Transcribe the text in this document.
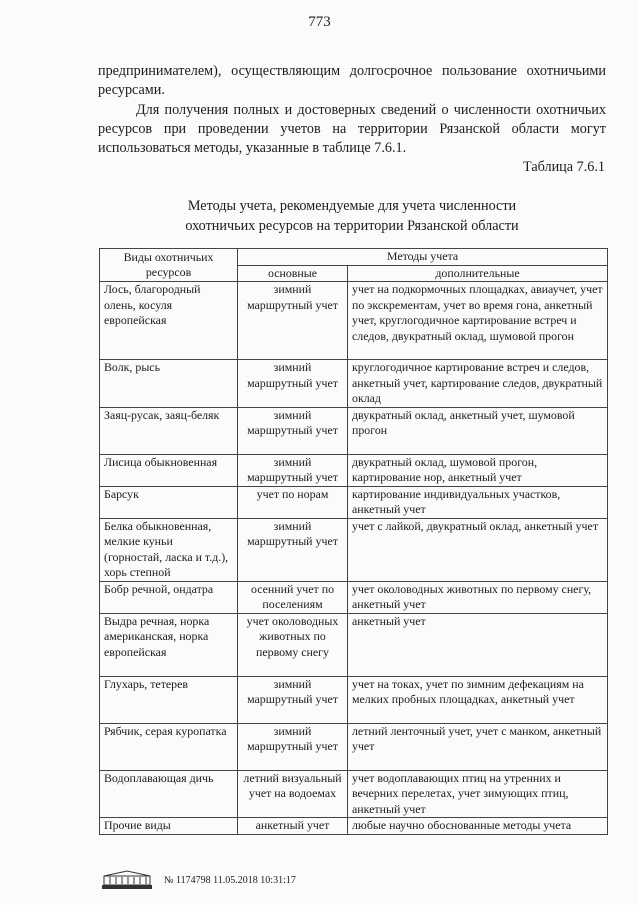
773
предпринимателем), осуществляющим долгосрочное пользование охотничьими ресурсами.
Для получения полных и достоверных сведений о численности охотничьих ресурсов при проведении учетов на территории Рязанской области могут использоваться методы, указанные в таблице 7.6.1.
Таблица 7.6.1
Методы учета, рекомендуемые для учета численности
охотничьих ресурсов на территории Рязанской области
Виды охотничьих ресурсов	Методы учета	
	основные	дополнительные
Лось, благородный олень, косуля европейская	зимний маршрутный учет	учет на подкормочных площадках, авиаучет, учет по экскрементам, учет во время гона, анкетный учет, круглогодичное картирование встреч и следов, двукратный оклад, шумовой прогон
Волк, рысь	зимний маршрутный учет	круглогодичное картирование встреч и следов, анкетный учет, картирование следов, двукратный оклад
Заяц-русак, заяц-беляк	зимний маршрутный учет	двукратный оклад, анкетный учет, шумовой прогон
Лисица обыкновенная	зимний маршрутный учет	двукратный оклад, шумовой прогон, картирование нор, анкетный учет
Барсук	учет по норам	картирование индивидуальных участков, анкетный учет
Белка обыкновенная, мелкие куньи (горностай, ласка и т.д.), хорь степной	зимний маршрутный учет	учет с лайкой, двукратный оклад, анкетный учет
Бобр речной, ондатра	осенний учет по поселениям	учет околоводных животных по первому снегу, анкетный учет
Выдра речная, норка американская, норка европейская	учет околоводных животных по первому снегу	анкетный учет
Глухарь, тетерев	зимний маршрутный учет	учет на токах, учет по зимним дефекациям на мелких пробных площадках, анкетный учет
Рябчик, серая куропатка	зимний маршрутный учет	летний ленточный учет, учет с манком, анкетный учет
Водоплавающая дичь	летний визуальный учет на водоемах	учет водоплавающих птиц на утренних и вечерних перелетах, учет зимующих птиц, анкетный учет
Прочие виды	анкетный учет	любые научно обоснованные методы учета
№ 1174798 11.05.2018 10:31:17
